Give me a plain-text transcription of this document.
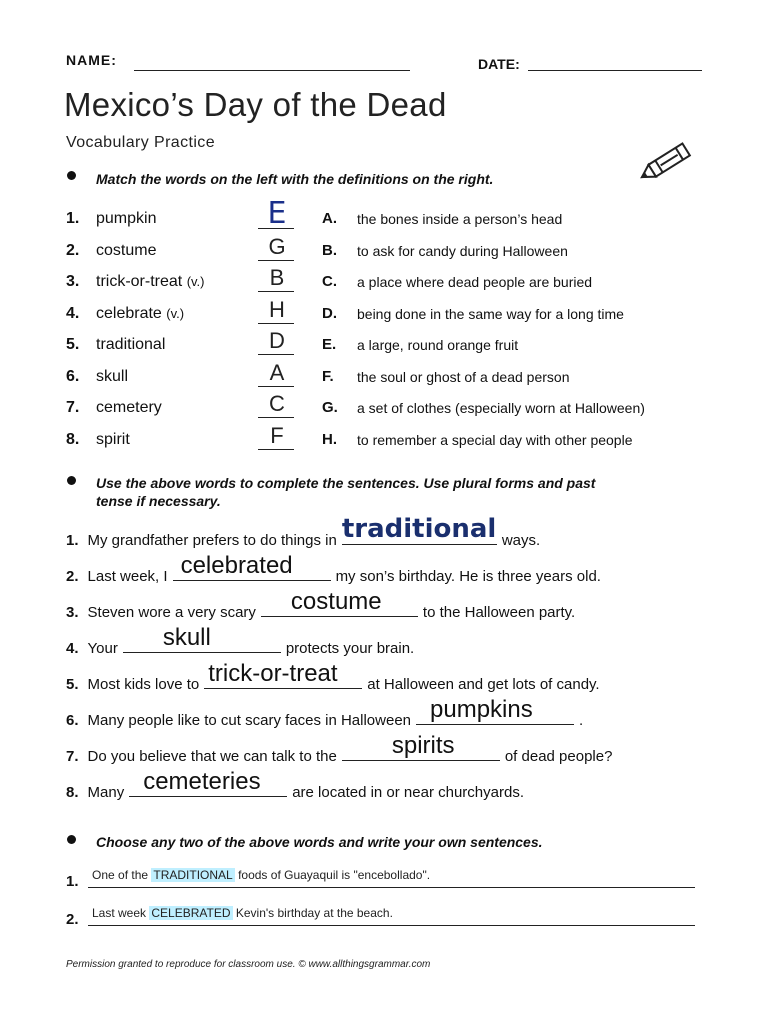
NAME:	DATE:
Mexico’s Day of the Dead
Vocabulary Practice
Match the words on the left with the definitions on the right.
1. pumpkin	E	A. the bones inside a person’s head
2. costume	G	B. to ask for candy during Halloween
3. trick-or-treat (v.)	B	C. a place where dead people are buried
4. celebrate (v.)	H	D. being done in the same way for a long time
5. traditional	D	E. a large, round orange fruit
6. skull	A	F. the soul or ghost of a dead person
7. cemetery	C	G. a set of clothes (especially worn at Halloween)
8. spirit	F	H. to remember a special day with other people
Use the above words to complete the sentences. Use plural forms and past
tense if necessary.
1. My grandfather prefers to do things in traditional ways.
2. Last week, I celebrated	my son’s birthday. He is three years old.
3. Steven wore a very scary costume	to the Halloween party.
4. Your skull	protects your brain.
5. Most kids love to trick-or-treat at Halloween and get lots of candy.
6. Many people like to cut scary faces in Halloween pumpkins	.
7. Do you believe that we can talk to the spirits	of dead people?
8. Many cemeteries are located in or near churchyards.
Choose any two of the above words and write your own sentences.
1. One of the TRADITIONAL foods of Guayaquil is "encebollado".
2. Last week CELEBRATED Kevin's birthday at the beach.
Permission granted to reproduce for classroom use. © www.allthingsgrammar.com
